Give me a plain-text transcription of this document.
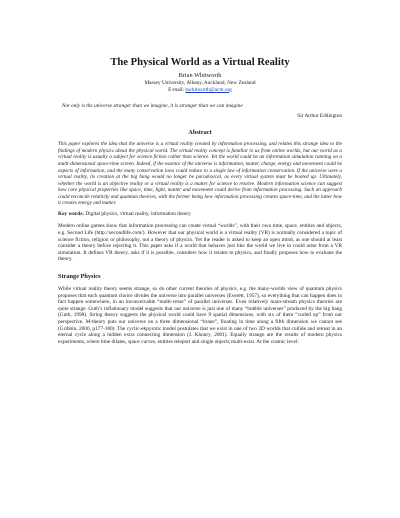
The Physical World as a Virtual Reality
Brian Whitworth
Massey University, Albany, Auckland, New Zealand
E-mail: bwhitworth@acm.org
Not only is the universe stranger than we imagine, it is stranger than we can imagine
Sir Arthur Eddington
Abstract
This paper explores the idea that the universe is a virtual reality created by information processing, and relates this strange idea to the findings of modern physics about the physical world. The virtual reality concept is familiar to us from online worlds, but our world as a virtual reality is usually a subject for science fiction rather than science. Yet the world could be an information simulation running on a multi-dimensional space-time screen. Indeed, if the essence of the universe is information, matter, charge, energy and movement could be aspects of information, and the many conservation laws could reduce to a single law of information conservation. If the universe were a virtual reality, its creation at the big bang would no longer be paradoxical, as every virtual system must be booted up. Ultimately, whether the world is an objective reality or a virtual reality is a matter for science to resolve. Modern information science can suggest how core physical properties like space, time, light, matter and movement could derive from information processing. Such an approach could reconcile relativity and quantum theories, with the former being how information processing creates space-time, and the latter how it creates energy and matter.
Key words: Digital physics, virtual reality, information theory
Modern online games show that information processing can create virtual “worlds”, with their own time, space, entities and objects, e.g. Second Life (http://secondlife.com/). However that our physical world is a virtual reality (VR) is normally considered a topic of science fiction, religion or philosophy, not a theory of physics. Yet the reader is asked to keep an open mind, as one should at least consider a theory before rejecting it. This paper asks if a world that behaves just like the world we live in could arise from a VR simulation. It defines VR theory, asks if it is possible, considers how it relates to physics, and finally proposes how to evaluate the theory.
Strange Physics
While virtual reality theory seems strange, so do other current theories of physics, e.g. the many-worlds view of quantum physics proposes that each quantum choice divides the universe into parallel universes (Everett, 1957), so everything that can happen does in fact happen somewhere, in an inconceivable “multi-verse” of parallel universes. Even relatively main-stream physics theories are quite strange. Guth’s inflationary model suggests that our universe is just one of many “bubble universes” produced by the big bang (Guth, 1998). String theory suggests the physical world could have 9 spatial dimensions, with six of them “curled up” from our perspective. M-theory puts our universe on a three dimensional “brane”, floating in time along a fifth dimension we cannot see (Gribbin, 2000, p177-180). The cyclic-ekpyrotic model postulates that we exist in one of two 3D worlds that collide and retreat in an eternal cycle along a hidden extra connecting dimension (J. Khoury, 2001). Equally strange are the results of modern physics experiments, where time dilates, space curves, entities teleport and single objects multi-exist. At the cosmic level:
